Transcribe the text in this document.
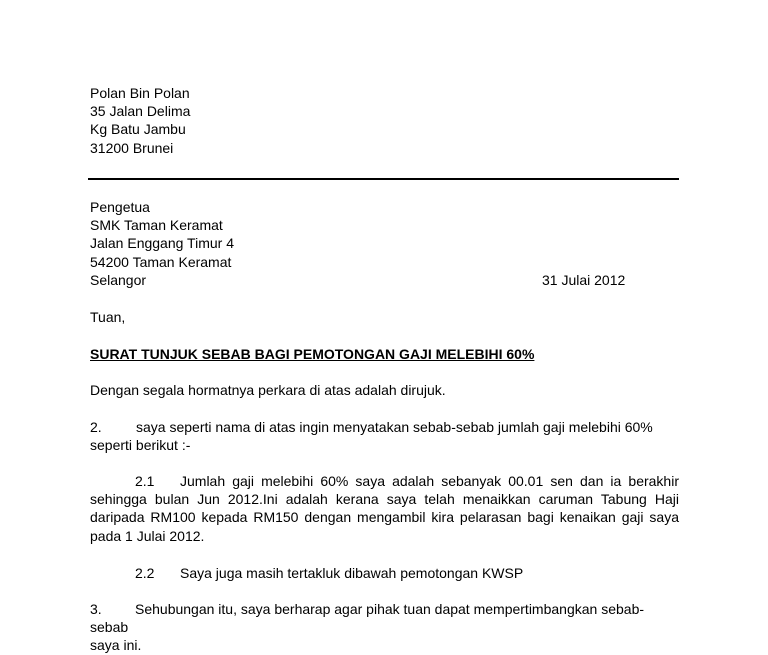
Polan Bin Polan
35 Jalan Delima
Kg Batu Jambu
31200 Brunei
Pengetua
SMK Taman Keramat
Jalan Enggang Timur 4
54200 Taman Keramat
Selangor	31 Julai 2012
Tuan,
SURAT TUNJUK SEBAB BAGI PEMOTONGAN GAJI MELEBIHI 60%
Dengan segala hormatnya perkara di atas adalah dirujuk.
2. saya seperti nama di atas ingin menyatakan sebab-sebab jumlah gaji melebihi 60%
seperti berikut :-
2.1 Jumlah gaji melebihi 60% saya adalah sebanyak 00.01 sen dan ia berakhir sehingga bulan Jun 2012.Ini adalah kerana saya telah menaikkan caruman Tabung Haji daripada RM100 kepada RM150 dengan mengambil kira pelarasan bagi kenaikan gaji saya pada 1 Julai 2012.
2.2 Saya juga masih tertakluk dibawah pemotongan KWSP
3. Sehubungan itu, saya berharap agar pihak tuan dapat mempertimbangkan sebab-sebab
saya ini.
